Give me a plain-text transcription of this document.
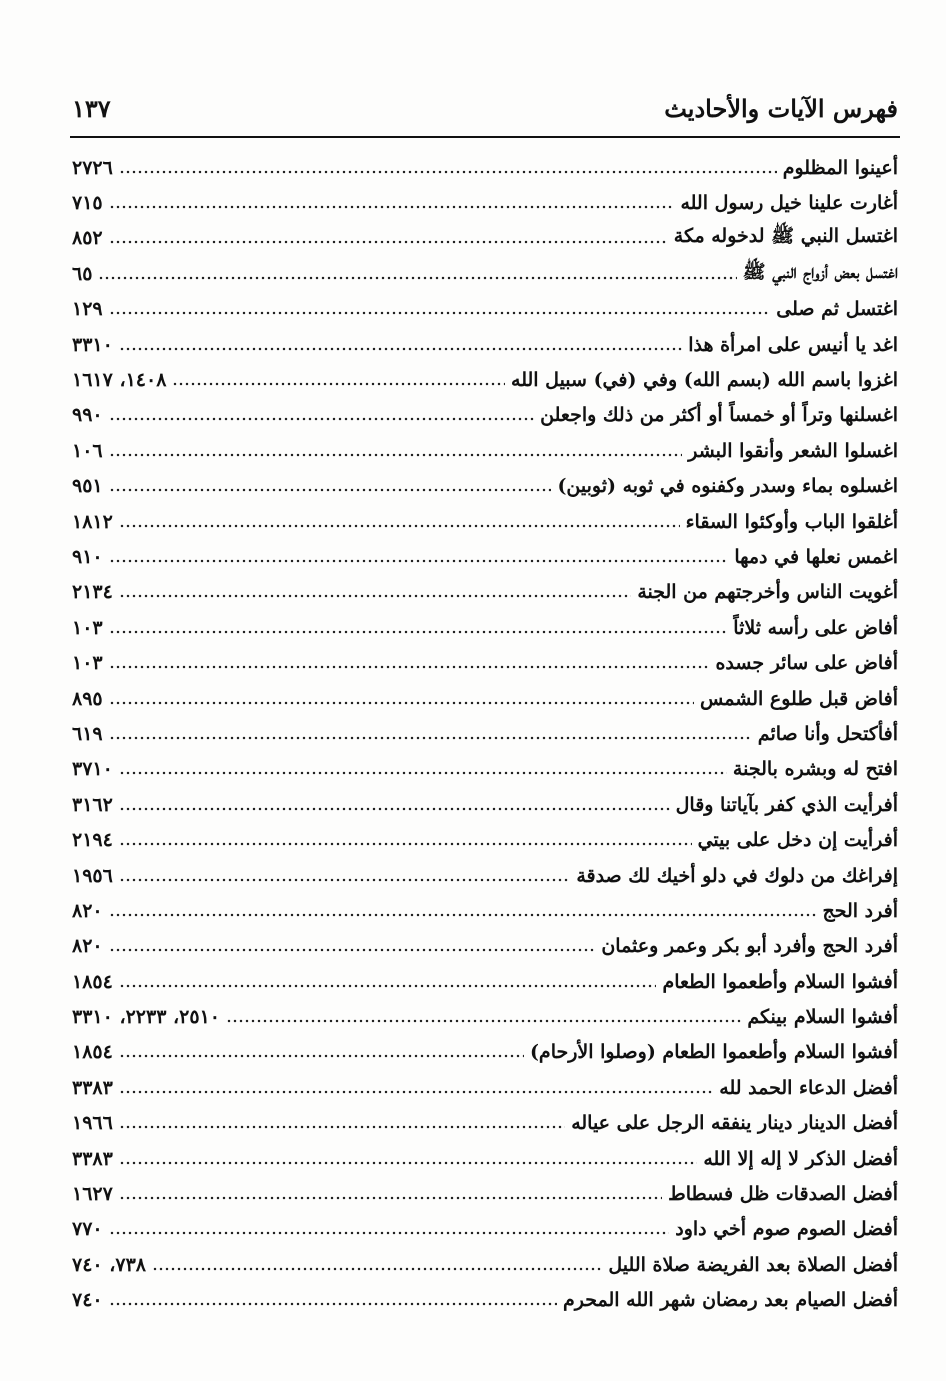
فهرس الآيات والأحاديث
١٣٧
أعينوا المظلوم
٢٧٢٦
أغارت علينا خيل رسول الله
٧١٥
اغتسل النبي ﷺ لدخوله مكة
٨٥٢
اغتسل بعض أزواج النبي ﷺ
٦٥
اغتسل ثم صلى
١٢٩
اغد يا أنيس على امرأة هذا
٣٣١٠
اغزوا باسم الله (بسم الله) وفي (في) سبيل الله
١٤٠٨، ١٦١٧
اغسلنها وتراً أو خمساً أو أكثر من ذلك واجعلن
٩٩٠
اغسلوا الشعر وأنقوا البشر
١٠٦
اغسلوه بماء وسدر وكفنوه في ثوبه (ثوبين)
٩٥١
أغلقوا الباب وأوكئوا السقاء
١٨١٢
اغمس نعلها في دمها
٩١٠
أغويت الناس وأخرجتهم من الجنة
٢١٣٤
أفاض على رأسه ثلاثاً
١٠٣
أفاض على سائر جسده
١٠٣
أفاض قبل طلوع الشمس
٨٩٥
أفأكتحل وأنا صائم
٦١٩
افتح له وبشره بالجنة
٣٧١٠
أفرأيت الذي كفر بآياتنا وقال
٣١٦٢
أفرأيت إن دخل على بيتي
٢١٩٤
إفراغك من دلوك في دلو أخيك لك صدقة
١٩٥٦
أفرد الحج
٨٢٠
أفرد الحج وأفرد أبو بكر وعمر وعثمان
٨٢٠
أفشوا السلام وأطعموا الطعام
١٨٥٤
أفشوا السلام بينكم
٢٥١٠، ٢٢٣٣، ٣٣١٠
أفشوا السلام وأطعموا الطعام (وصلوا الأرحام)
١٨٥٤
أفضل الدعاء الحمد لله
٣٣٨٣
أفضل الدينار دينار ينفقه الرجل على عياله
١٩٦٦
أفضل الذكر لا إله إلا الله
٣٣٨٣
أفضل الصدقات ظل فسطاط
١٦٢٧
أفضل الصوم صوم أخي داود
٧٧٠
أفضل الصلاة بعد الفريضة صلاة الليل
٧٣٨، ٧٤٠
أفضل الصيام بعد رمضان شهر الله المحرم
٧٤٠
